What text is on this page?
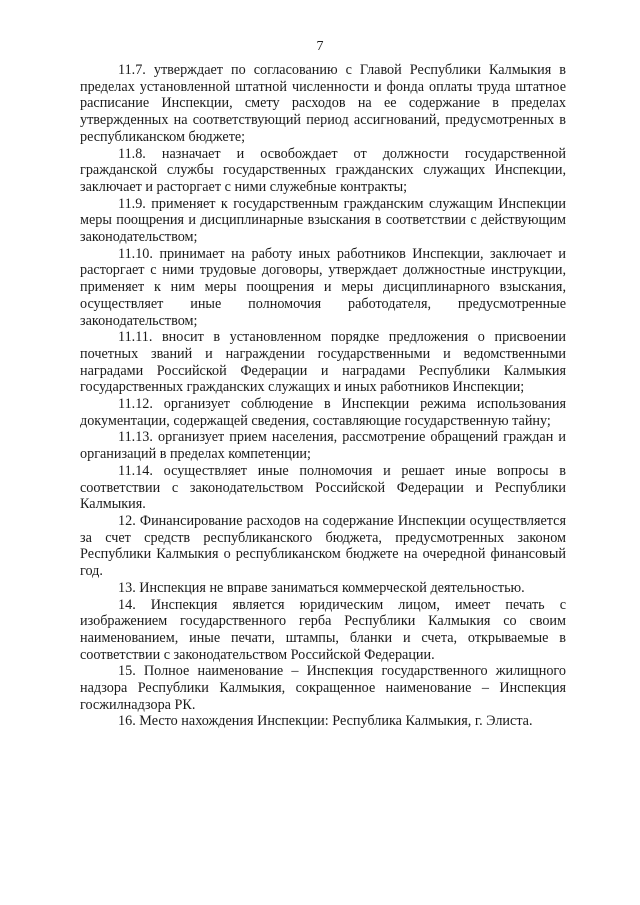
7

11.7. утверждает по согласованию с Главой Республики Калмыкия в пределах установленной штатной численности и фонда оплаты труда штатное расписание Инспекции, смету расходов на ее содержание в пределах утвержденных на соответствующий период ассигнований, предусмотренных в республиканском бюджете;

11.8. назначает и освобождает от должности государственной гражданской службы государственных гражданских служащих Инспекции, заключает и расторгает с ними служебные контракты;

11.9. применяет к государственным гражданским служащим Инспекции меры поощрения и дисциплинарные взыскания в соответствии с действующим законодательством;

11.10. принимает на работу иных работников Инспекции, заключает и расторгает с ними трудовые договоры, утверждает должностные инструкции, применяет к ним меры поощрения и меры дисциплинарного взыскания, осуществляет иные полномочия работодателя, предусмотренные законодательством;

11.11. вносит в установленном порядке предложения о присвоении почетных званий и награждении государственными и ведомственными наградами Российской Федерации и наградами Республики Калмыкия государственных гражданских служащих и иных работников Инспекции;

11.12. организует соблюдение в Инспекции режима использования документации, содержащей сведения, составляющие государственную тайну;

11.13. организует прием населения, рассмотрение обращений граждан и организаций в пределах компетенции;

11.14. осуществляет иные полномочия и решает иные вопросы в соответствии с законодательством Российской Федерации и Республики Калмыкия.

12. Финансирование расходов на содержание Инспекции осуществляется за счет средств республиканского бюджета, предусмотренных законом Республики Калмыкия о республиканском бюджете на очередной финансовый год.

13. Инспекция не вправе заниматься коммерческой деятельностью.

14. Инспекция является юридическим лицом, имеет печать с изображением государственного герба Республики Калмыкия со своим наименованием, иные печати, штампы, бланки и счета, открываемые в соответствии с законодательством Российской Федерации.

15. Полное наименование – Инспекция государственного жилищного надзора Республики Калмыкия, сокращенное наименование – Инспекция госжилнадзора РК.

16. Место нахождения Инспекции: Республика Калмыкия, г. Элиста.
